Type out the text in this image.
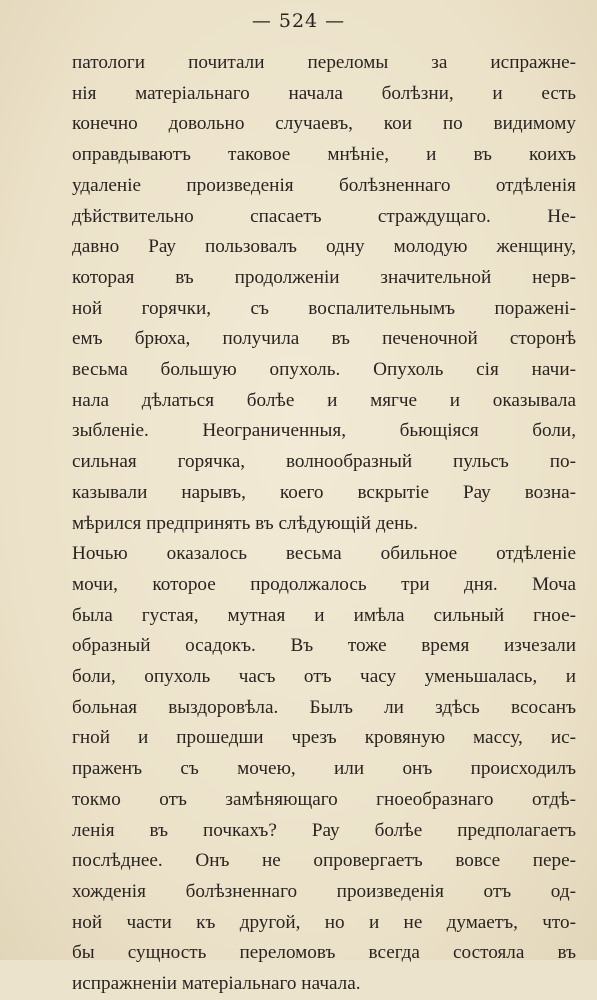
— 524 —
патологи почитали переломы за испражне-
нія матеріальнаго начала болѣзни, и есть
конечно довольно случаевъ, кои по видимому
оправдываютъ таковое мнѣніе, и въ коихъ
удаленіе произведенія болѣзненнаго отдѣленія
дѣйствительно спасаетъ страждущаго. Не-
давно Рау пользовалъ одну молодую женщину,
которая въ продолженіи значительной нерв-
ной горячки, съ воспалительнымъ пораженi-
емъ брюха, получила въ печеночной сторонѣ
весьма большую опухоль. Опухоль сія начи-
нала дѣлаться болѣе и мягче и оказывала
зыбленіе. Неограниченныя, бьющіяся боли,
сильная горячка, волнообразный пульсъ по-
казывали нарывъ, коего вскрытіе Рау возна-
мѣрился предпринять въ слѣдующій день.
Ночью оказалось весьма обильное отдѣленіе
мочи, которое продолжалось три дня. Моча
была густая, мутная и имѣла сильный гное-
образный осадокъ. Въ тоже время изчезали
боли, опухоль часъ отъ часу уменьшалась, и
больная выздоровѣла. Былъ ли здѣсь всосанъ
гной и прошедши чрезъ кровяную массу, ис-
праженъ съ мочею, или онъ происходилъ
токмо отъ замѣняющаго гноеобразнаго отдѣ-
ленія въ почкахъ? Рау болѣе предполагаетъ
послѣднее. Онъ не опровергаетъ вовсе пере-
хожденія болѣзненнаго произведенія отъ од-
ной части къ другой, но и не думаетъ, что-
бы сущность переломовъ всегда состояла въ
испражненіи матеріальнаго начала.
